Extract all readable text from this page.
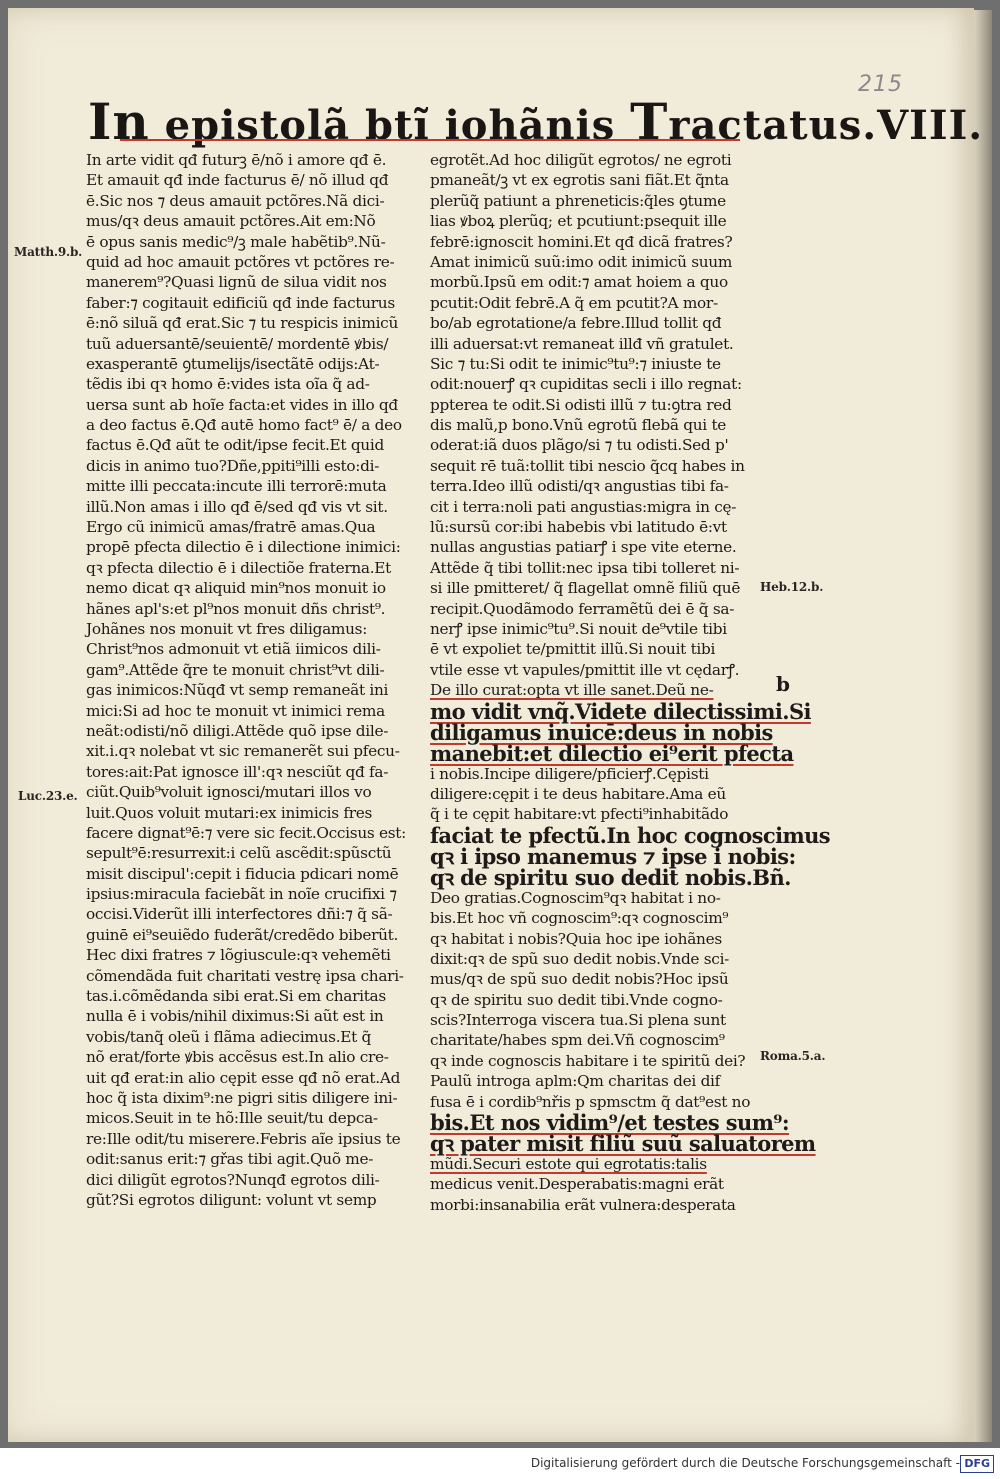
215
In epistolã btĩ iohãnis Tractatus.VIII.
In arte vidit qđ futurꝫ ē/nõ i amore qđ ē.
Et amauit qđ inde facturus ē/ nõ illud qđ
ē.Sic nos ⁊ deus amauit pctõres.Nã dici-
mus/qꝛ deus amauit pctõres.Ait em:Nõ
ē opus sanis medic⁹/ꝫ male habẽtib⁹.Nũ-
quid ad hoc amauit pctõres vt pctõres re-
manerem⁹?Quasi lignũ de silua vidit nos
faber:⁊ cogitauit edificiũ qđ inde facturus
ē:nõ siluã qđ erat.Sic ⁊ tu respicis inimicũ
tuũ aduersantē/seuientē/ mordentē ꝟbis/
exasperantē ꝯtumelijs/isectãtē odijs:At-
tẽdis ibi qꝛ homo ē:vides ista oĩa q̃ ad-
uersa sunt ab hoĩe facta:et vides in illo qđ
a deo factus ē.Qđ autē homo fact⁹ ē/ a deo
factus ē.Qđ aũt te odit/ipse fecit.Et quid
dicis in animo tuo?Dñe,ppiti⁹illi esto:di-
mitte illi peccata:incute illi terrorē:muta
illũ.Non amas i illo qđ ē/sed qđ vis vt sit.
Ergo cũ inimicũ amas/fratrē amas.Qua
propē pfecta dilectio ē i dilectione inimici:
qꝛ pfecta dilectio ē i dilectiõe fraterna.Et
nemo dicat qꝛ aliquid min⁹nos monuit io
hãnes apl's:et pl⁹nos monuit dñs christ⁹.
Johãnes nos monuit vt fres diligamus:
Christ⁹nos admonuit vt etiã iimicos dili-
gam⁹.Attẽde q̃re te monuit christ⁹vt dili-
gas inimicos:Nũqđ vt semp remaneãt ini
mici:Si ad hoc te monuit vt inimici rema
neãt:odisti/nõ diligi.Attẽde quõ ipse dile-
xit.i.qꝛ nolebat vt sic remanerẽt sui pfecu-
tores:ait:Pat ignosce ill':qꝛ nesciũt qđ fa-
ciũt.Quib⁹voluit ignosci/mutari illos vo
luit.Quos voluit mutari:ex inimicis fres
facere dignat⁹ē:⁊ vere sic fecit.Occisus est:
sepult⁹ē:resurrexit:i celũ ascẽdit:spũsctũ
misit discipul':cepit i fiducia pdicari nomē
ipsius:miracula faciebãt in noĩe crucifixi ⁊
occisi.Viderũt illi interfectores dñi:⁊ q̃ sã-
guinē ei⁹seuiẽdo fuderãt/credẽdo biberũt.
Hec dixi fratres ⁊ lõgiuscule:qꝛ vehemẽti
cõmendãda fuit charitati vestrę ipsa chari-
tas.i.cõmẽdanda sibi erat.Si em charitas
nulla ē i vobis/nihil diximus:Si aũt est in
vobis/tanq̃ oleũ i flãma adiecimus.Et q̃
nõ erat/forte ꝟbis accẽsus est.In alio cre-
uit qđ erat:in alio cępit esse qđ nõ erat.Ad
hoc q̃ ista dixim⁹:ne pigri sitis diligere ini-
micos.Seuit in te hõ:Ille seuit/tu depca-
re:Ille odit/tu miserere.Febris aĩe ipsius te
odit:sanus erit:⁊ gřas tibi agit.Quõ me-
dici diligũt egrotos?Nunqđ egrotos dili-
gũt?Si egrotos diligunt: volunt vt semp
egrotẽt.Ad hoc diligũt egrotos/ ne egroti
pmaneãt/ꝫ vt ex egrotis sani fiãt.Et q̃nta
plerũq̃ patiunt a phreneticis:q̃les ꝯtume
lias ꝟboꝝ plerũq; et pcutiunt:psequit ille
febrē:ignoscit homini.Et qđ dicã fratres?
Amat inimicũ suũ:imo odit inimicũ suum
morbũ.Ipsũ em odit:⁊ amat hoiem a quo
pcutit:Odit febrē.A q̃ em pcutit?A mor-
bo/ab egrotatione/a febre.Illud tollit qđ
illi aduersat:vt remaneat illđ vñ gratulet.
Sic ⁊ tu:Si odit te inimic⁹tu⁹:⁊ iniuste te
odit:nouerꝭ qꝛ cupiditas secli i illo regnat:
ppterea te odit.Si odisti illũ ⁊ tu:ꝯtra red
dis malũ,p bono.Vnũ egrotũ flebã qui te
oderat:iã duos plãgo/si ⁊ tu odisti.Sed p'
sequit rē tuã:tollit tibi nescio q̃cq habes in
terra.Ideo illũ odisti/qꝛ angustias tibi fa-
cit i terra:noli pati angustias:migra in cę-
lũ:sursũ cor:ibi habebis vbi latitudo ē:vt
nullas angustias patiarꝭ i spe vite eterne.
Attẽde q̃ tibi tollit:nec ipsa tibi tolleret ni-
si ille pmitteret/ q̃ flagellat omnẽ filiũ quē
recipit.Quodãmodo ferramẽtũ dei ē q̃ sa-
nerꝭ ipse inimic⁹tu⁹.Si nouit de⁹vtile tibi
ē vt expoliet te/pmittit illũ.Si nouit tibi
vtile esse vt vapules/pmittit ille vt cędarꝭ.
De illo curat:opta vt ille sanet.Deũ ne-
mo vidit vnq̃.Videte dilectissimi.Si
diligamus inuicē:deus in nobis
manebit:et dilectio ei⁹erit pfecta
i nobis.Incipe diligere/pficierꝭ.Cępisti
diligere:cępit i te deus habitare.Ama eũ
q̃ i te cępit habitare:vt pfecti⁹inhabitãdo
faciat te pfectũ.In hoc cognoscimus
qꝛ i ipso manemus ⁊ ipse i nobis:
qꝛ de spiritu suo dedit nobis.Bñ.
Deo gratias.Cognoscim⁹qꝛ habitat i no-
bis.Et hoc vñ cognoscim⁹:qꝛ cognoscim⁹
qꝛ habitat i nobis?Quia hoc ipe iohãnes
dixit:qꝛ de spũ suo dedit nobis.Vnde sci-
mus/qꝛ de spũ suo dedit nobis?Hoc ipsũ
qꝛ de spiritu suo dedit tibi.Vnde cogno-
scis?Interroga viscera tua.Si plena sunt
charitate/habes spm dei.Vñ cognoscim⁹
qꝛ inde cognoscis habitare i te spiritũ dei?
Paulũ introga aplm:Qm charitas dei dif
fusa ē i cordib⁹nřis p spmsctm q̃ dat⁹est no
bis.Et nos vidim⁹/et testes sum⁹:
qꝛ pater misit filiũ suũ saluatorem
mũdi.Securi estote qui egrotatis:talis
medicus venit.Desperabatis:magni erãt
morbi:insanabilia erãt vulnera:desperata
Matth.9.b.
Luc.23.e.
Heb.12.b.
Roma.5.a.
b
Digitalisierung gefördert durch die Deutsche Forschungsgemeinschaft - DFG
